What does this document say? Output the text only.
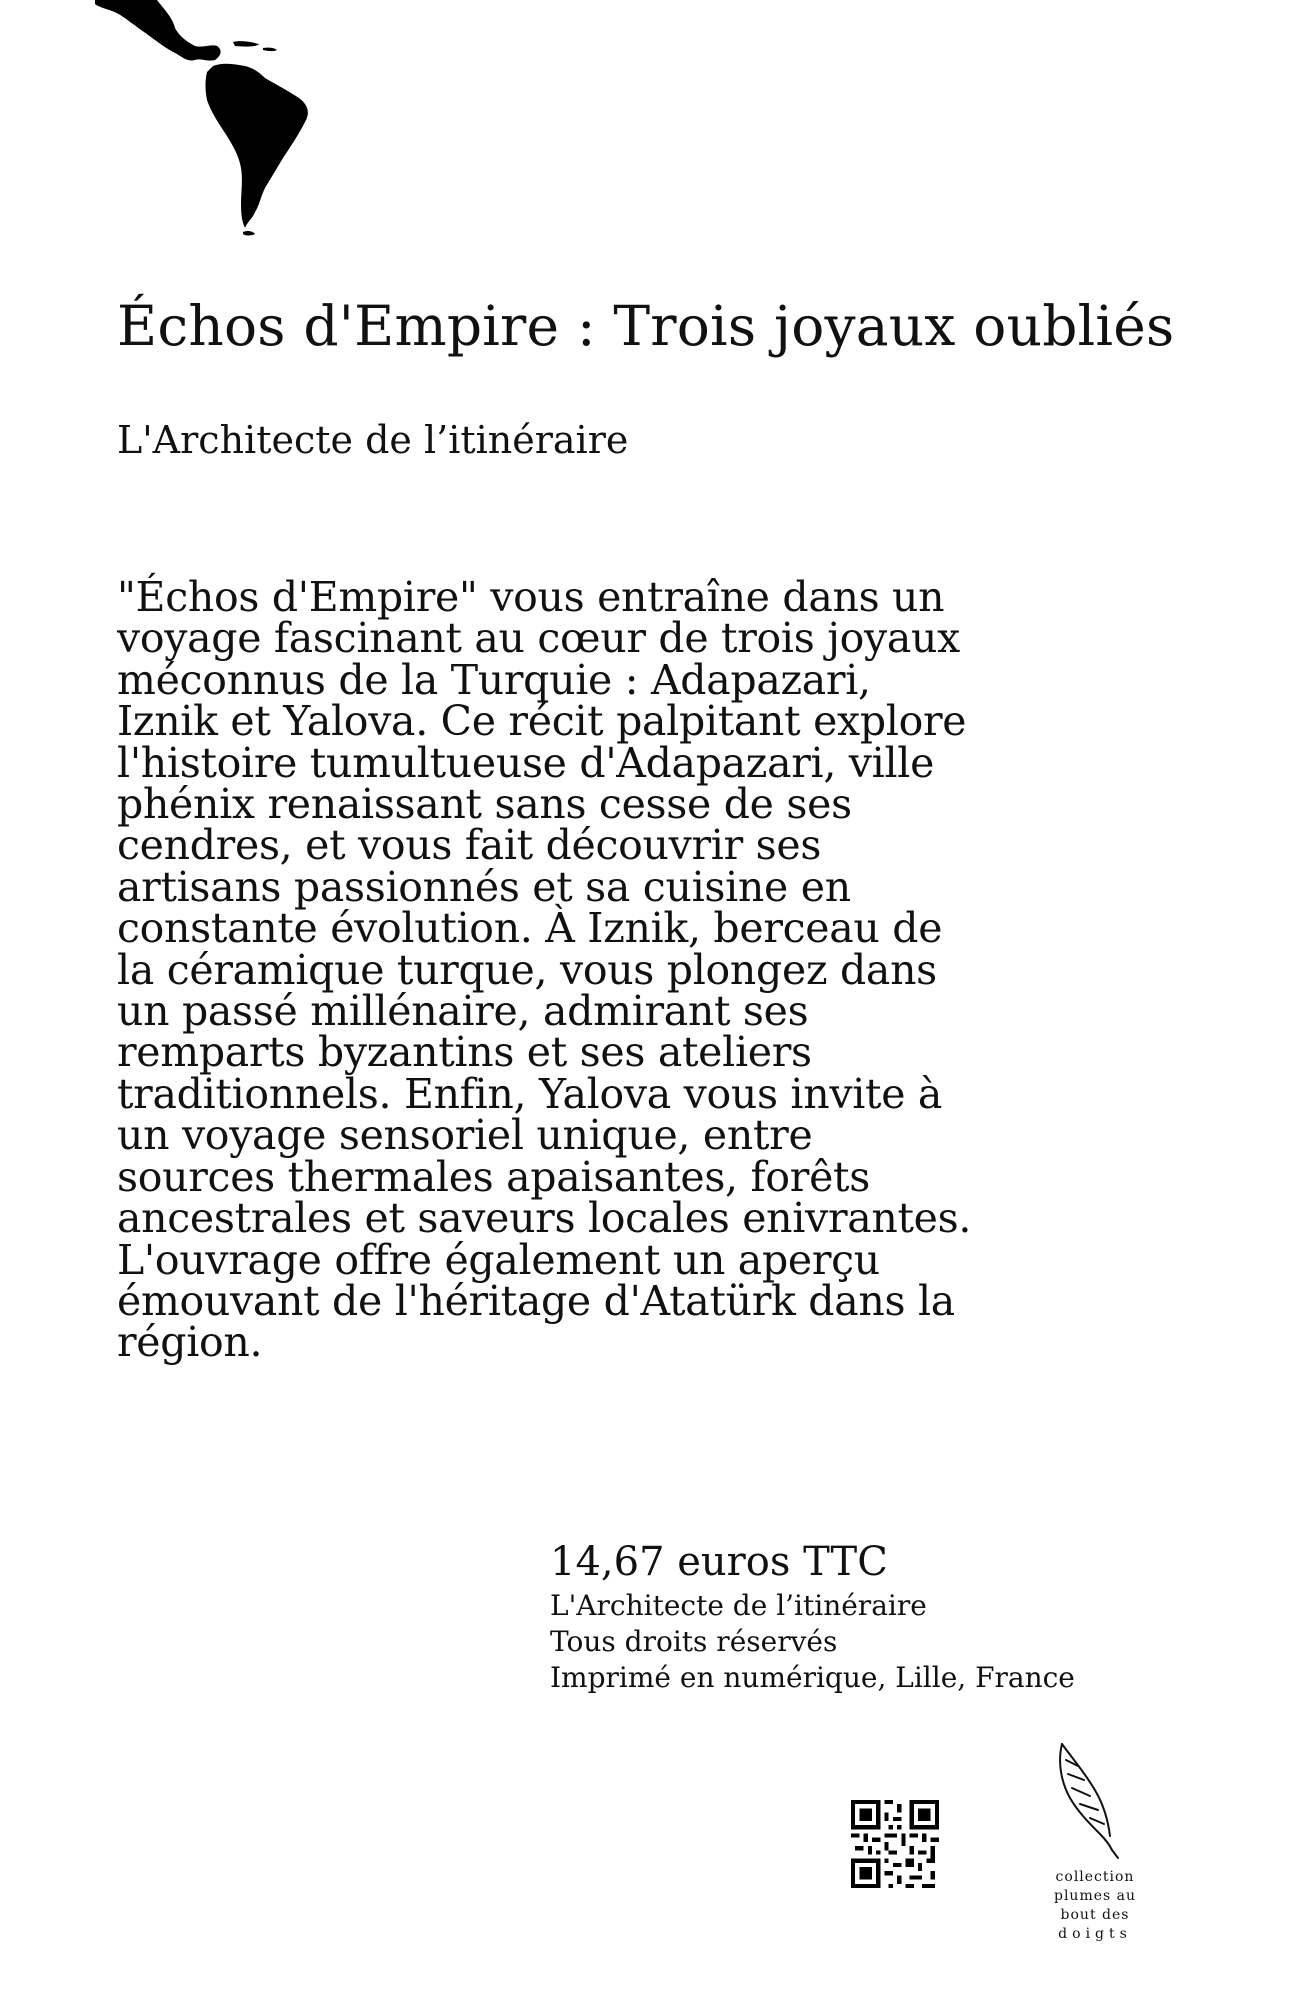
Échos d'Empire : Trois joyaux oubliés
L'Architecte de l’itinéraire

"Échos d'Empire" vous entraîne dans un voyage fascinant au cœur de trois joyaux méconnus de la Turquie : Adapazari, Iznik et Yalova. Ce récit palpitant explore l'histoire tumultueuse d'Adapazari, ville phénix renaissant sans cesse de ses cendres, et vous fait découvrir ses artisans passionnés et sa cuisine en constante évolution. À Iznik, berceau de la céramique turque, vous plongez dans un passé millénaire, admirant ses remparts byzantins et ses ateliers traditionnels. Enfin, Yalova vous invite à un voyage sensoriel unique, entre sources thermales apaisantes, forêts ancestrales et saveurs locales enivrantes. L'ouvrage offre également un aperçu émouvant de l'héritage d'Atatürk dans la région.

14,67 euros TTC
L'Architecte de l’itinéraire
Tous droits réservés
Imprimé en numérique, Lille, France
collection
plumes au
bout des
doigts
